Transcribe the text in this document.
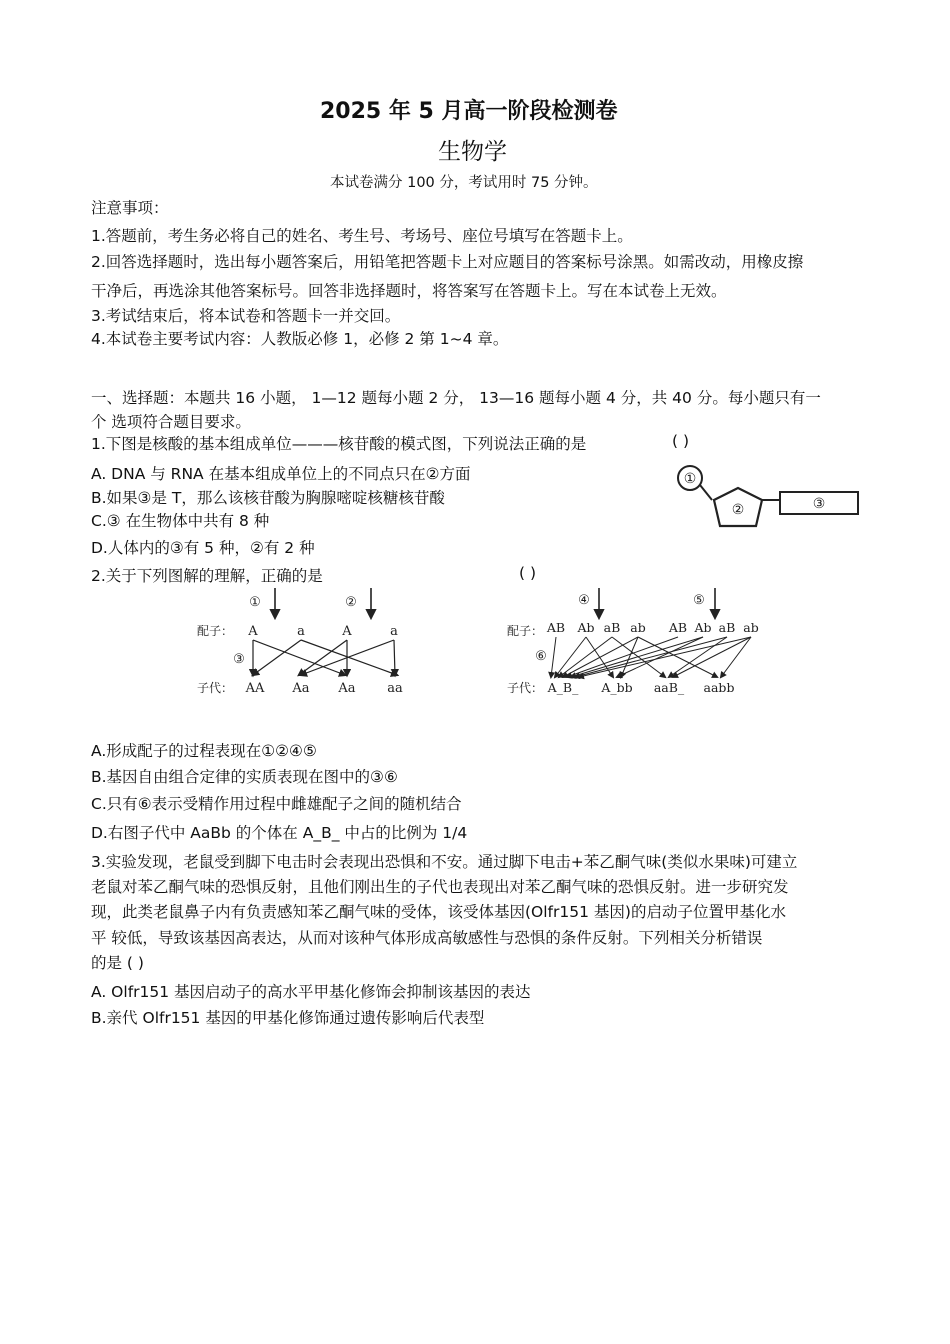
2025 年 5 月高一阶段检测卷
生物学
本试卷满分 100 分，考试用时 75 分钟。
注意事项：
1.答题前，考生务必将自己的姓名、考生号、考场号、座位号填写在答题卡上。
2.回答选择题时，选出每小题答案后，用铅笔把答题卡上对应题目的答案标号涂黑。如需改动，用橡皮擦
干净后，再选涂其他答案标号。回答非选择题时，将答案写在答题卡上。写在本试卷上无效。
3.考试结束后，将本试卷和答题卡一并交回。
4.本试卷主要考试内容：人教版必修 1，必修 2 第 1~4 章。
一、选择题：本题共 16 小题， 1—12 题每小题 2 分， 13—16 题每小题 4 分，共 40 分。每小题只有一
个 选项符合题目要求。
1.下图是核酸的基本组成单位———核苷酸的模式图，下列说法正确的是	( )
A. DNA 与 RNA 在基本组成单位上的不同点只在②方面
B.如果③是 T，那么该核苷酸为胸腺嘧啶核糖核苷酸
C.③ 在生物体中共有 8 种
D.人体内的③有 5 种，②有 2 种
①
②	③
2.关于下列图解的理解，正确的是	( )
①	②
配子： A	a	A	a
③
子代： AA Aa Aa aa
④	⑤
配子： AB Ab aB ab AB Ab aB ab
⑥
子代： A_B_ A_bb aaB_ aabb
A.形成配子的过程表现在①②④⑤
B.基因自由组合定律的实质表现在图中的③⑥
C.只有⑥表示受精作用过程中雌雄配子之间的随机结合
D.右图子代中 AaBb 的个体在 A_B_ 中占的比例为 1/4
3.实验发现，老鼠受到脚下电击时会表现出恐惧和不安。通过脚下电击+苯乙酮气味(类似水果味)可建立
老鼠对苯乙酮气味的恐惧反射，且他们刚出生的子代也表现出对苯乙酮气味的恐惧反射。进一步研究发
现，此类老鼠鼻子内有负责感知苯乙酮气味的受体，该受体基因(Olfr151 基因)的启动子位置甲基化水
平 较低，导致该基因高表达，从而对该种气体形成高敏感性与恐惧的条件反射。下列相关分析错误
的是 ( )
A. Olfr151 基因启动子的高水平甲基化修饰会抑制该基因的表达
B.亲代 Olfr151 基因的甲基化修饰通过遗传影响后代表型
